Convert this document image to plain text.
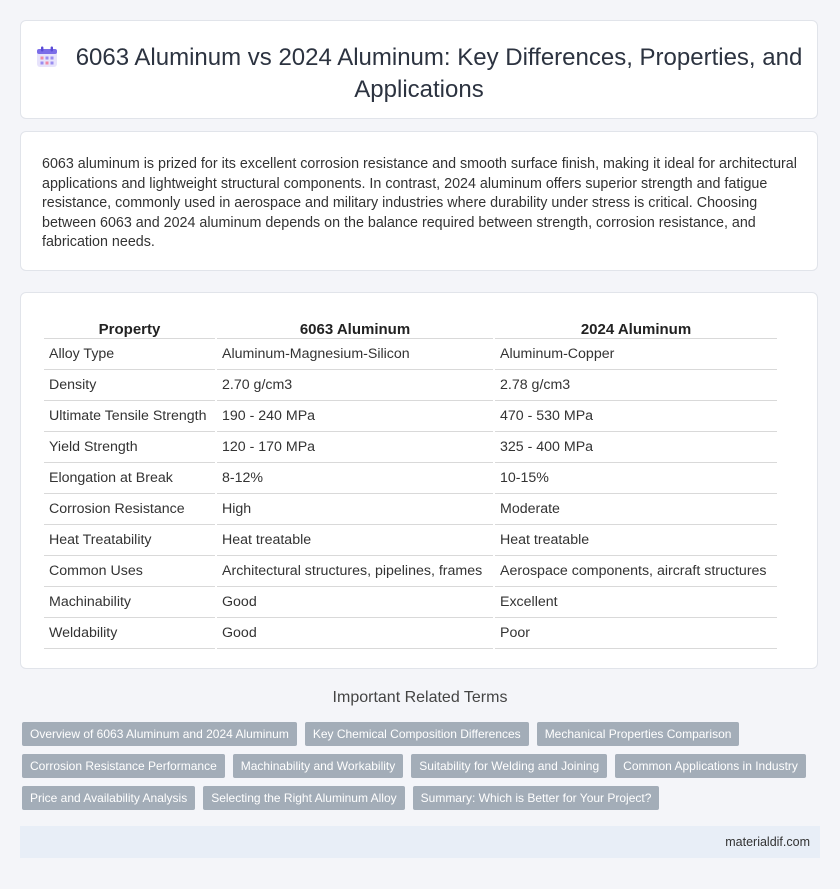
6063 Aluminum vs 2024 Aluminum: Key Differences, Properties, and Applications

6063 aluminum is prized for its excellent corrosion resistance and smooth surface finish, making it ideal for architectural applications and lightweight structural components. In contrast, 2024 aluminum offers superior strength and fatigue resistance, commonly used in aerospace and military industries where durability under stress is critical. Choosing between 6063 and 2024 aluminum depends on the balance required between strength, corrosion resistance, and fabrication needs.

Property	6063 Aluminum	2024 Aluminum
Alloy Type	Aluminum-Magnesium-Silicon	Aluminum-Copper
Density	2.70 g/cm3	2.78 g/cm3
Ultimate Tensile Strength	190 - 240 MPa	470 - 530 MPa
Yield Strength	120 - 170 MPa	325 - 400 MPa
Elongation at Break	8-12%	10-15%
Corrosion Resistance	High	Moderate
Heat Treatability	Heat treatable	Heat treatable
Common Uses	Architectural structures, pipelines, frames	Aerospace components, aircraft structures
Machinability	Good	Excellent
Weldability	Good	Poor
Important Related Terms
Overview of 6063 Aluminum and 2024 Aluminum	Key Chemical Composition Differences	Mechanical Properties Comparison
Corrosion Resistance Performance	Machinability and Workability	Suitability for Welding and Joining	Common Applications in Industry
Price and Availability Analysis	Selecting the Right Aluminum Alloy	Summary: Which is Better for Your Project?
materialdif.com
